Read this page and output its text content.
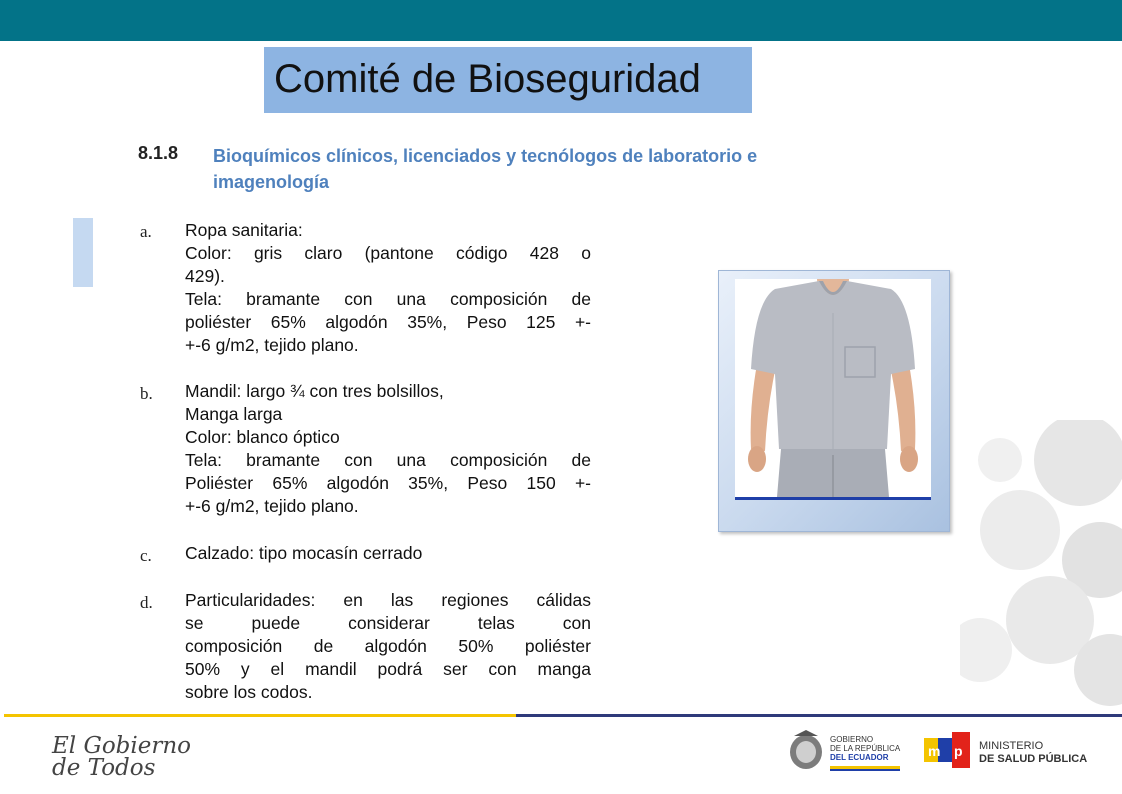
Comité de Bioseguridad
8.1.8 Bioquímicos clínicos, licenciados y tecnólogos de laboratorio e
imagenología
a. Ropa sanitaria:
Color: gris claro (pantone código 428 o
429).
Tela: bramante con una composición de
poliéster 65% algodón 35%, Peso 125 +-
+-6 g/m2, tejido plano.
b. Mandil: largo ¾ con tres bolsillos,
Manga larga
Color: blanco óptico
Tela: bramante con una composición de
Poliéster 65% algodón 35%, Peso 150 +-
+-6 g/m2, tejido plano.
c. Calzado: tipo mocasín cerrado
d. Particularidades: en las regiones cálidas
se puede considerar telas con
composición de algodón 50% poliéster
50% y el mandil podrá ser con manga
sobre los codos.
El Gobierno
de Todos
GOBIERNO
DE LA REPÚBLICA
DEL ECUADOR	m p MINISTERIO
DE SALUD PÚBLICA
